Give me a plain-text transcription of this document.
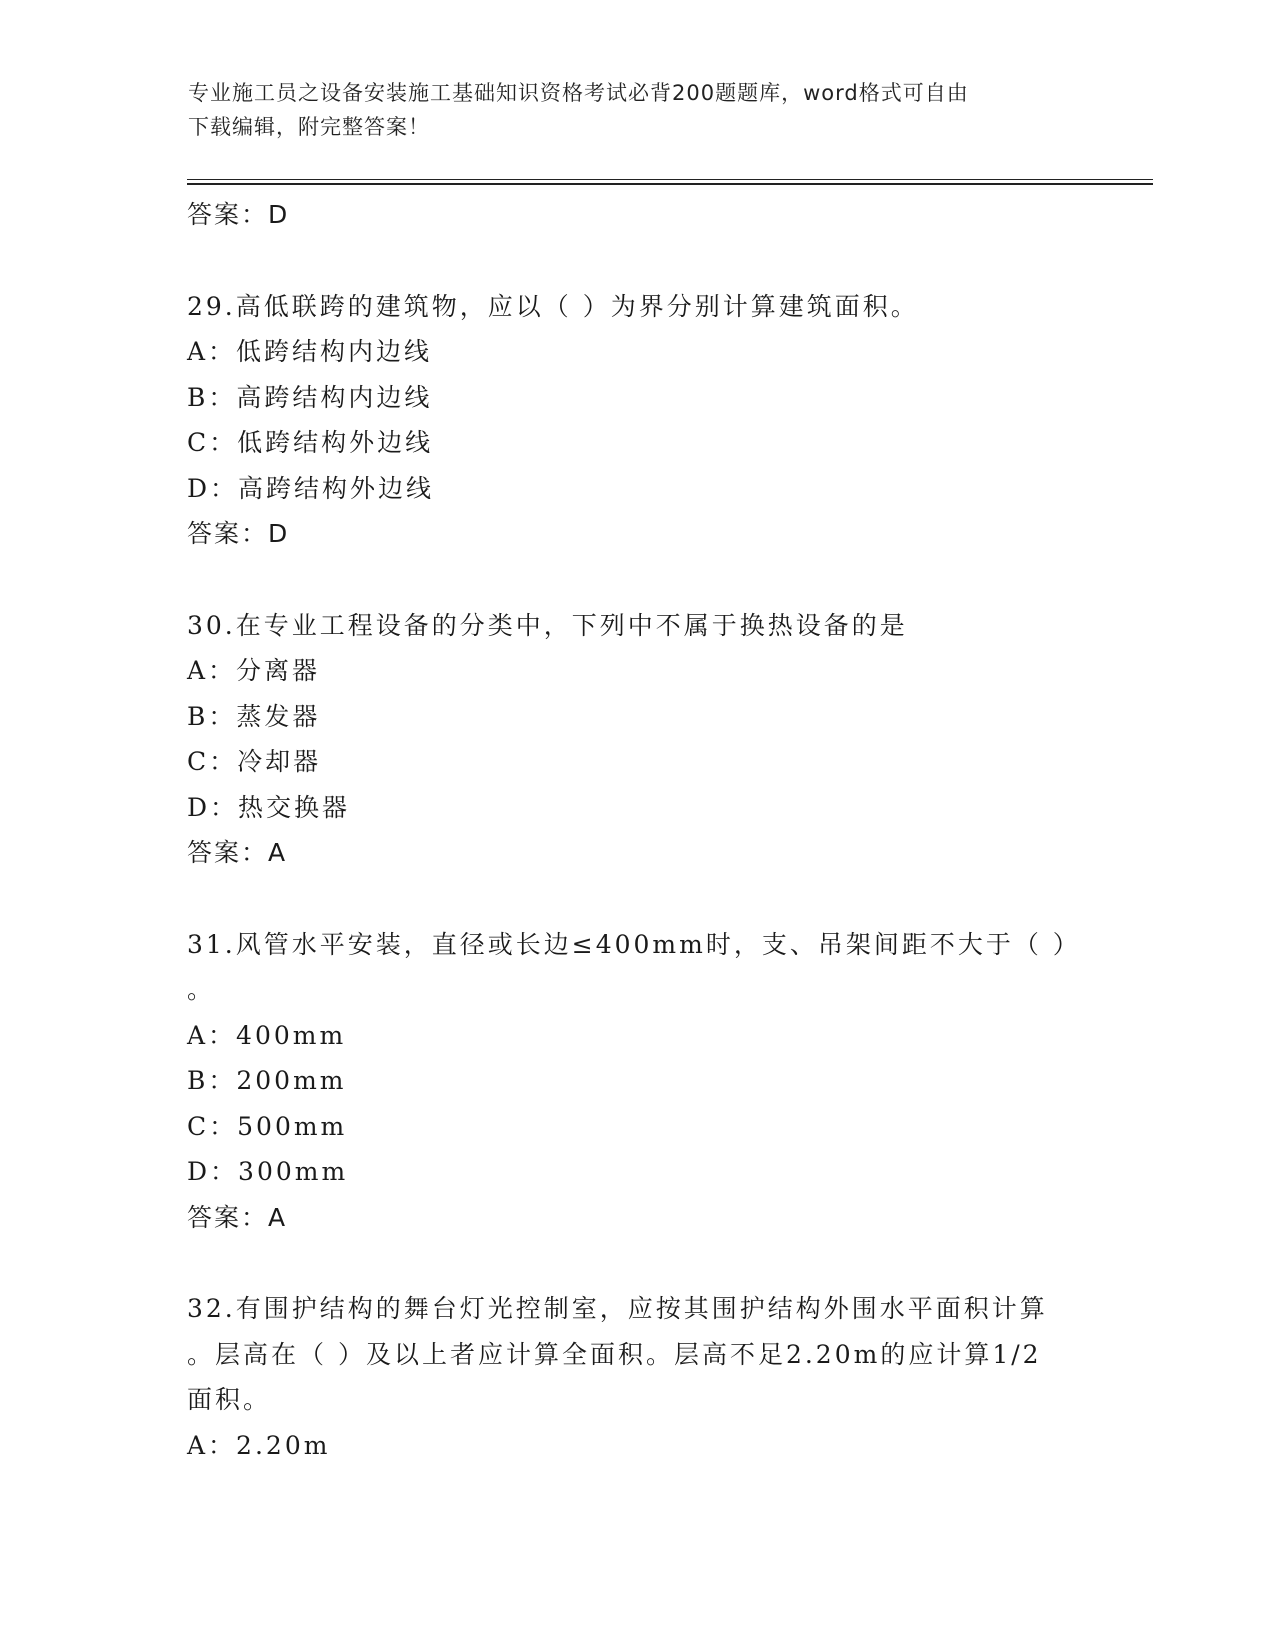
专业施工员之设备安装施工基础知识资格考试必背200题题库，word格式可自由
下载编辑，附完整答案！
答案：D
29.高低联跨的建筑物，应以（ ）为界分别计算建筑面积。
A：低跨结构内边线
B：高跨结构内边线
C：低跨结构外边线
D：高跨结构外边线
答案：D
30.在专业工程设备的分类中，下列中不属于换热设备的是
A：分离器
B：蒸发器
C：冷却器
D：热交换器
答案：A
31.风管水平安装，直径或长边≤400mm时，支、吊架间距不大于（ ）
。
A：400mm
B：200mm
C：500mm
D：300mm
答案：A
32.有围护结构的舞台灯光控制室，应按其围护结构外围水平面积计算
。层高在（ ）及以上者应计算全面积。层高不足2.20m的应计算1/2
面积。
A：2.20m
